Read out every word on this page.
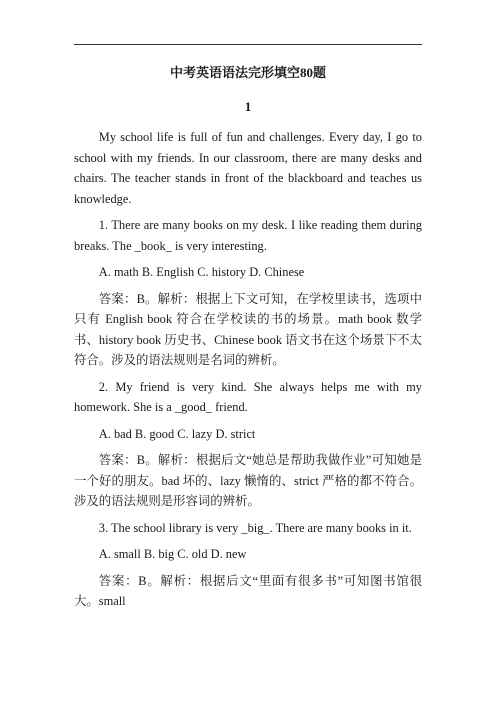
中考英语语法完形填空80题
1

My school life is full of fun and challenges. Every day, I go to school with my friends. In our classroom, there are many desks and chairs. The teacher stands in front of the blackboard and teaches us knowledge.

1. There are many books on my desk. I like reading them during breaks. The _book_ is very interesting.

A. math B. English C. history D. Chinese

答案：B。解析：根据上下文可知，在学校里读书，选项中只有 English book 符合在学校读的书的场景。math book 数学书、history book 历史书、Chinese book 语文书在这个场景下不太符合。涉及的语法规则是名词的辨析。

2. My friend is very kind. She always helps me with my homework. She is a _good_ friend.

A. bad B. good C. lazy D. strict

答案：B。解析：根据后文“她总是帮助我做作业”可知她是一个好的朋友。bad 坏的、lazy 懒惰的、strict 严格的都不符合。涉及的语法规则是形容词的辨析。

3. The school library is very _big_. There are many books in it.

A. small B. big C. old D. new

答案：B。解析：根据后文“里面有很多书”可知图书馆很大。small
